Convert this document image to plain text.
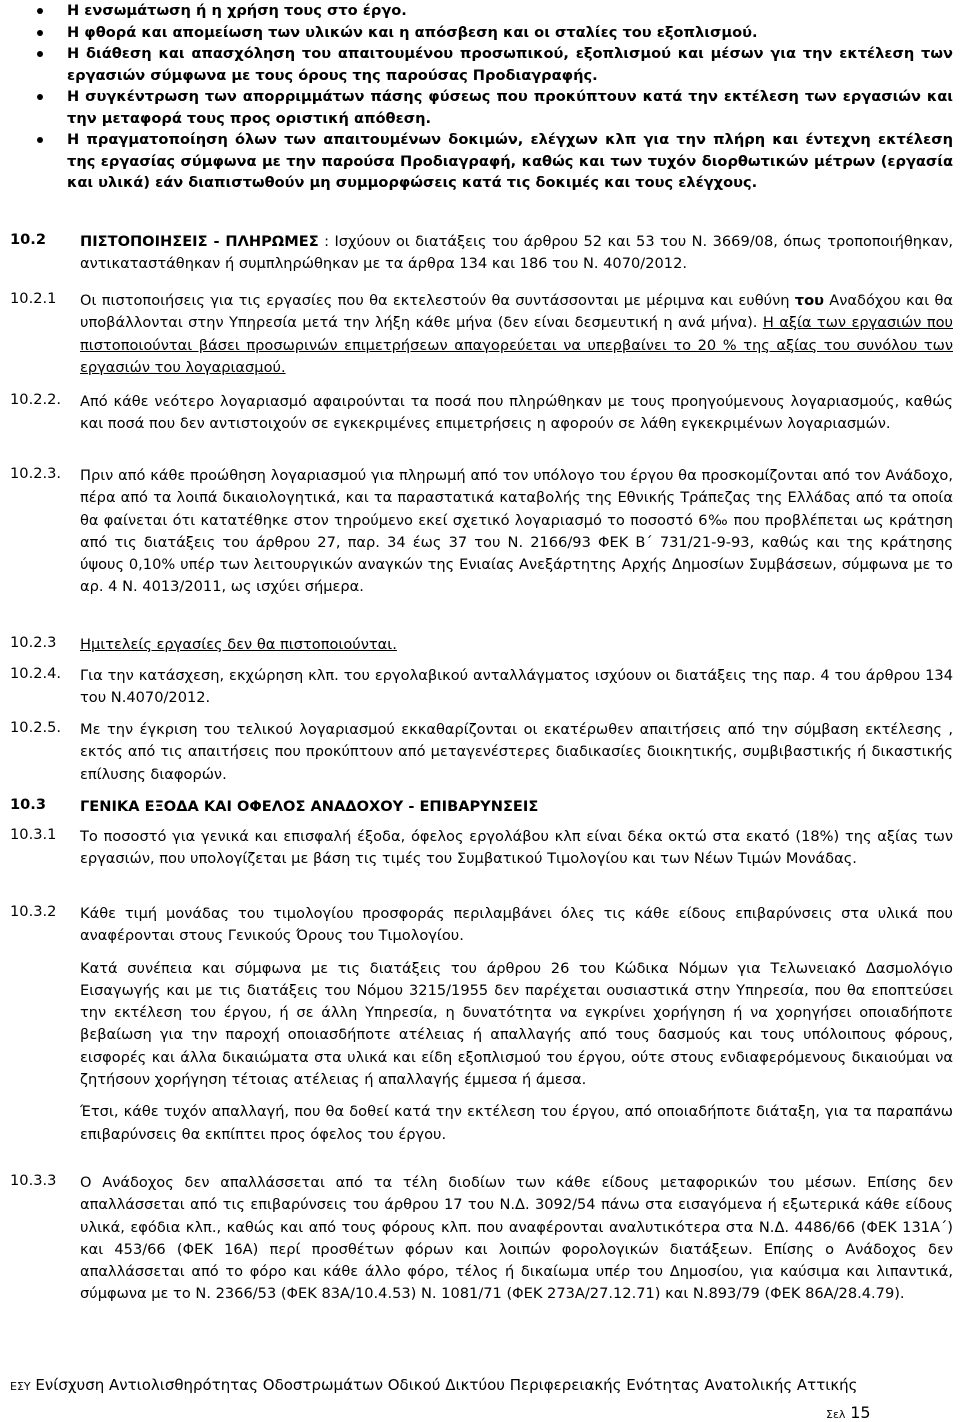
Η ενσωμάτωση ή η χρήση τους στο έργο.
Η φθορά και απομείωση των υλικών και η απόσβεση και οι σταλίες του εξοπλισμού.
Η διάθεση και απασχόληση του απαιτουμένου προσωπικού, εξοπλισμού και μέσων για την εκτέλεση των εργασιών σύμφωνα με τους όρους της παρούσας Προδιαγραφής.
Η συγκέντρωση των απορριμμάτων πάσης φύσεως που προκύπτουν κατά την εκτέλεση των εργασιών και την μεταφορά τους προς οριστική απόθεση.
Η πραγματοποίηση όλων των απαιτουμένων δοκιμών, ελέγχων κλπ για την πλήρη και έντεχνη εκτέλεση της εργασίας σύμφωνα με την παρούσα Προδιαγραφή, καθώς και των τυχόν διορθωτικών μέτρων (εργασία και υλικά) εάν διαπιστωθούν μη συμμορφώσεις κατά τις δοκιμές και τους ελέγχους.
10.2 ΠΙΣΤΟΠΟΙΗΣΕΙΣ - ΠΛΗΡΩΜΕΣ : Ισχύουν οι διατάξεις του άρθρου 52 και 53 του Ν. 3669/08, όπως τροποποιήθηκαν, αντικαταστάθηκαν ή συμπληρώθηκαν με τα άρθρα 134 και 186 του Ν. 4070/2012.
10.2.1 Οι πιστοποιήσεις για τις εργασίες που θα εκτελεστούν θα συντάσσονται με μέριμνα και ευθύνη του Αναδόχου και θα υποβάλλονται στην Υπηρεσία μετά την λήξη κάθε μήνα (δεν είναι δεσμευτική η ανά μήνα). Η αξία των εργασιών που πιστοποιούνται βάσει προσωρινών επιμετρήσεων απαγορεύεται να υπερβαίνει το 20 % της αξίας του συνόλου των εργασιών του λογαριασμού.
10.2.2. Από κάθε νεότερο λογαριασμό αφαιρούνται τα ποσά που πληρώθηκαν με τους προηγούμενους λογαριασμούς, καθώς και ποσά που δεν αντιστοιχούν σε εγκεκριμένες επιμετρήσεις η αφορούν σε λάθη εγκεκριμένων λογαριασμών.
10.2.3. Πριν από κάθε προώθηση λογαριασμού για πληρωμή από τον υπόλογο του έργου θα προσκομίζονται από τον Ανάδοχο, πέρα από τα λοιπά δικαιολογητικά, και τα παραστατικά καταβολής της Εθνικής Τράπεζας της Ελλάδας από τα οποία θα φαίνεται ότι κατατέθηκε στον τηρούμενο εκεί σχετικό λογαριασμό το ποσοστό 6‰ που προβλέπεται ως κράτηση από τις διατάξεις του άρθρου 27, παρ. 34 έως 37 του Ν. 2166/93 ΦΕΚ Β΄ 731/21-9-93, καθώς και της κράτησης ύψους 0,10% υπέρ των λειτουργικών αναγκών της Ενιαίας Ανεξάρτητης Αρχής Δημοσίων Συμβάσεων, σύμφωνα με το αρ. 4 Ν. 4013/2011, ως ισχύει σήμερα.
10.2.3 Ημιτελείς εργασίες δεν θα πιστοποιούνται.
10.2.4. Για την κατάσχεση, εκχώρηση κλπ. του εργολαβικού ανταλλάγματος ισχύουν οι διατάξεις της παρ. 4 του άρθρου 134 του Ν.4070/2012.
10.2.5. Με την έγκριση του τελικού λογαριασμού εκκαθαρίζονται οι εκατέρωθεν απαιτήσεις από την σύμβαση εκτέλεσης , εκτός από τις απαιτήσεις που προκύπτουν από μεταγενέστερες διαδικασίες διοικητικής, συμβιβαστικής ή δικαστικής επίλυσης διαφορών.
10.3 ΓΕΝΙΚΑ ΕΞΟΔΑ ΚΑΙ ΟΦΕΛΟΣ ΑΝΑΔΟΧΟΥ - ΕΠΙΒΑΡΥΝΣΕΙΣ
10.3.1 Το ποσοστό για γενικά και επισφαλή έξοδα, όφελος εργολάβου κλπ είναι δέκα οκτώ στα εκατό (18%) της αξίας των εργασιών, που υπολογίζεται με βάση τις τιμές του Συμβατικού Τιμολογίου και των Νέων Τιμών Μονάδας.
10.3.2 Κάθε τιμή μονάδας του τιμολογίου προσφοράς περιλαμβάνει όλες τις κάθε είδους επιβαρύνσεις στα υλικά που αναφέρονται στους Γενικούς Όρους του Τιμολογίου.
Κατά συνέπεια και σύμφωνα με τις διατάξεις του άρθρου 26 του Κώδικα Νόμων για Τελωνειακό Δασμολόγιο Εισαγωγής και με τις διατάξεις του Νόμου 3215/1955 δεν παρέχεται ουσιαστικά στην Υπηρεσία, που θα εποπτεύσει την εκτέλεση του έργου, ή σε άλλη Υπηρεσία, η δυνατότητα να εγκρίνει χορήγηση ή να χορηγήσει οποιαδήποτε βεβαίωση για την παροχή οποιασδήποτε ατέλειας ή απαλλαγής από τους δασμούς και τους υπόλοιπους φόρους, εισφορές και άλλα δικαιώματα στα υλικά και είδη εξοπλισμού του έργου, ούτε στους ενδιαφερόμενους δικαιούμαι να ζητήσουν χορήγηση τέτοιας ατέλειας ή απαλλαγής έμμεσα ή άμεσα.
Έτσι, κάθε τυχόν απαλλαγή, που θα δοθεί κατά την εκτέλεση του έργου, από οποιαδήποτε διάταξη, για τα παραπάνω επιβαρύνσεις θα εκπίπτει προς όφελος του έργου.
10.3.3 Ο Ανάδοχος δεν απαλλάσσεται από τα τέλη διοδίων των κάθε είδους μεταφορικών του μέσων. Επίσης δεν απαλλάσσεται από τις επιβαρύνσεις του άρθρου 17 του Ν.Δ. 3092/54 πάνω στα εισαγόμενα ή εξωτερικά κάθε είδους υλικά, εφόδια κλπ., καθώς και από τους φόρους κλπ. που αναφέρονται αναλυτικότερα στα Ν.Δ. 4486/66 (ΦΕΚ 131Α΄) και 453/66 (ΦΕΚ 16Α) περί προσθέτων φόρων και λοιπών φορολογικών διατάξεων. Επίσης ο Ανάδοχος δεν απαλλάσσεται από το φόρο και κάθε άλλο φόρο, τέλος ή δικαίωμα υπέρ του Δημοσίου, για καύσιμα και λιπαντικά, σύμφωνα με το Ν. 2366/53 (ΦΕΚ 83Α/10.4.53) Ν. 1081/71 (ΦΕΚ 273Α/27.12.71) και Ν.893/79 (ΦΕΚ 86Α/28.4.79).
ΕΣΥ Ενίσχυση Αντιολισθηρότητας Οδοστρωμάτων Οδικού Δικτύου Περιφερειακής Ενότητας Ανατολικής Αττικής
Σελ 15
